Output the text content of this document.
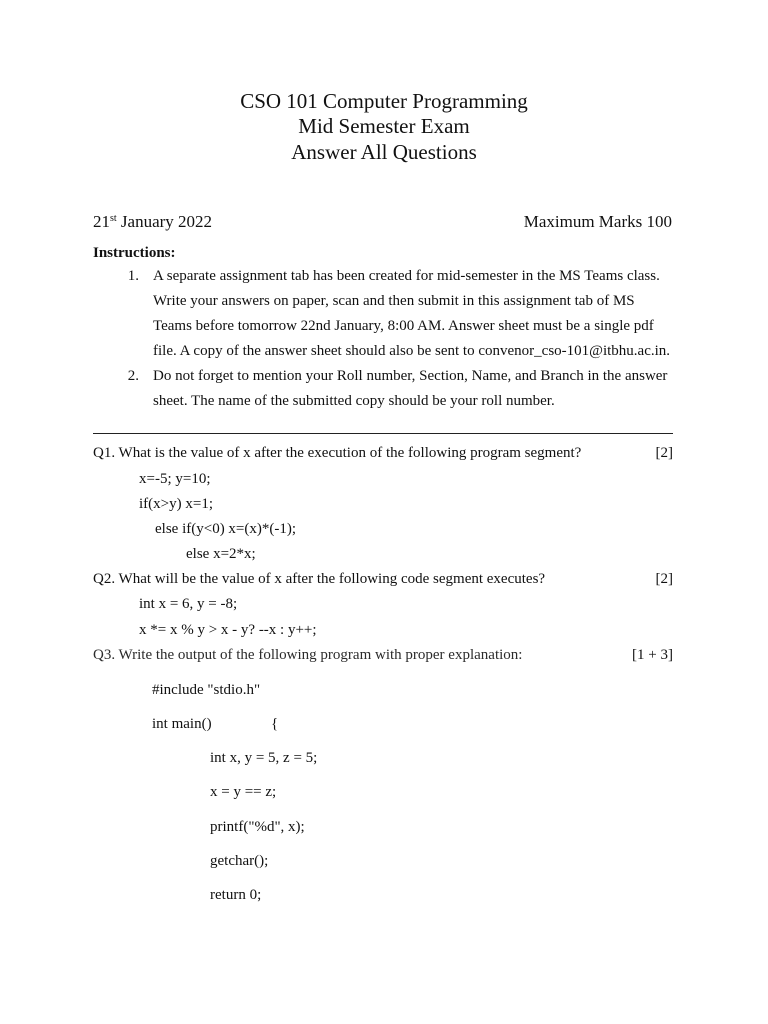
CSO 101 Computer Programming
Mid Semester Exam
Answer All Questions
21st January 2022	Maximum Marks 100
Instructions:
1. A separate assignment tab has been created for mid-semester in the MS Teams class.
Write your answers on paper, scan and then submit in this assignment tab of MS
Teams before tomorrow 22nd January, 8:00 AM. Answer sheet must be a single pdf
file. A copy of the answer sheet should also be sent to convenor_cso-101@itbhu.ac.in.
2. Do not forget to mention your Roll number, Section, Name, and Branch in the answer
sheet. The name of the submitted copy should be your roll number.
Q1. What is the value of x after the execution of the following program segment?	[2]
x=-5; y=10;
if(x>y) x=1;
else if(y<0) x=(x)*(-1);
else x=2*x;
Q2. What will be the value of x after the following code segment executes?	[2]
int x = 6, y = -8;
x *= x % y > x - y? --x : y++;
Q3. Write the output of the following program with proper explanation:	[1 + 3]
#include "stdio.h"
int main()	{
int x, y = 5, z = 5;
x = y == z;
printf("%d", x);
getchar();
return 0;
